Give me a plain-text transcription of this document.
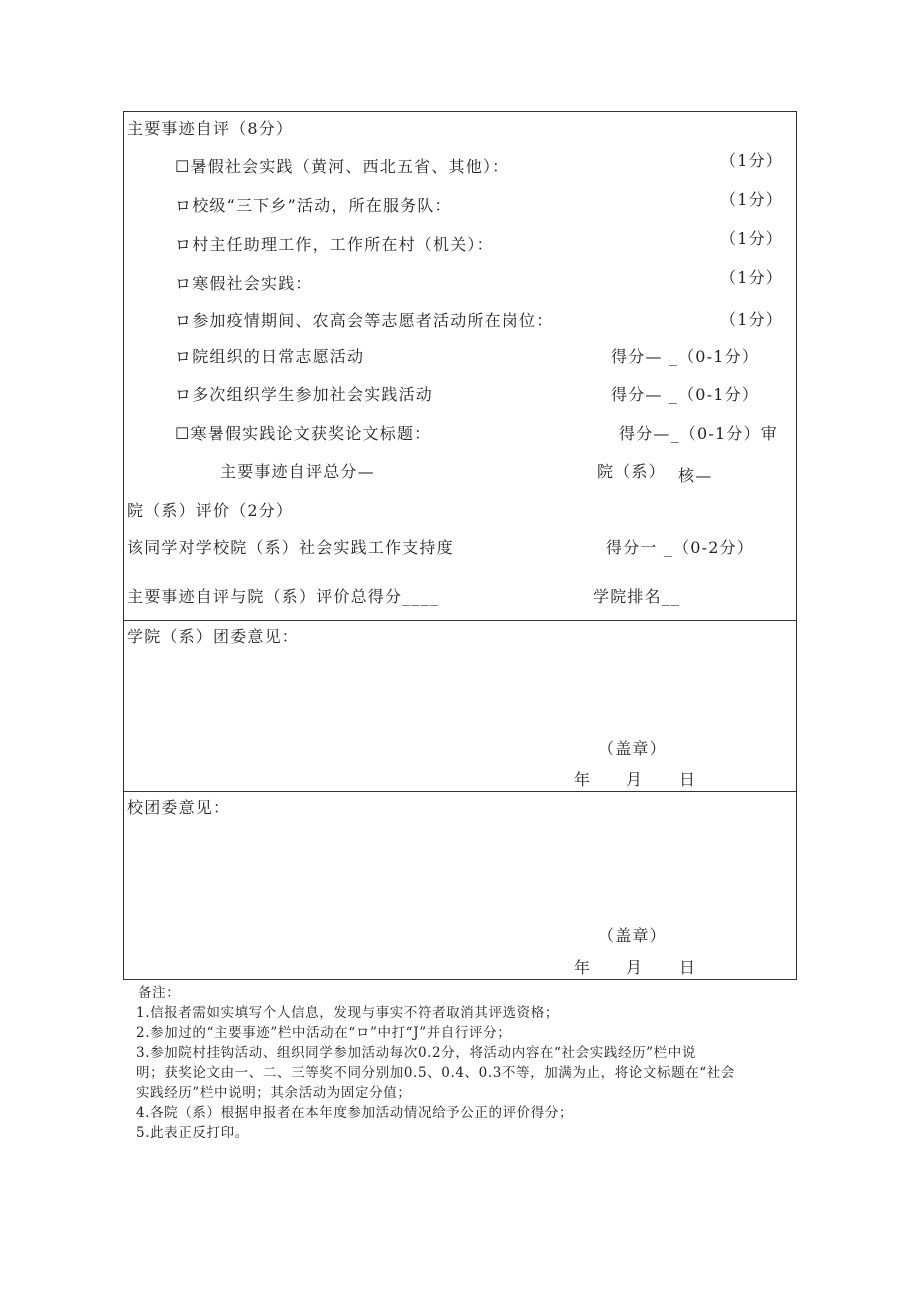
主要事迹自评（8分）
☐暑假社会实践（黄河、西北五省、其他）：	（1分）
ロ校级“三下乡”活动，所在服务队：	（1分）
ロ村主任助理工作，工作所在村（机关）：	（1分）
ロ寒假社会实践：	（1分）
ロ参加疫情期间、农高会等志愿者活动所在岗位：	（1分）
ロ院组织的日常志愿活动	得分— _（0-1分）
ロ多次组织学生参加社会实践活动	得分— _（0-1分）
☐寒暑假实践论文获奖论文标题：	得分—_（0-1分）审
主要事迹自评总分—	院（系） 核—
院（系）评价（2分）
该同学对学校院（系）社会实践工作支持度	得分一 _（0-2分）
主要事迹自评与院（系）评价总得分____	学院排名__
学院（系）团委意见：
（盖章）
年 月 日
校团委意见：
（盖章）
年 月 日
备注：
1.信报者需如实填写个人信息，发现与事实不符者取消其评选资格；
2.参加过的“主要事迹”栏中活动在“ロ”中打“J”并自行评分；
3.参加院村挂钩活动、组织同学参加活动每次0.2分，将活动内容在“社会实践经历”栏中说
明；获奖论文由一、二、三等奖不同分别加0.5、0.4、0.3不等，加满为止，将论文标题在“社会
实践经历”栏中说明；其余活动为固定分值；
4.各院（系）根据申报者在本年度参加活动情况给予公正的评价得分；
5.此表正反打印。
